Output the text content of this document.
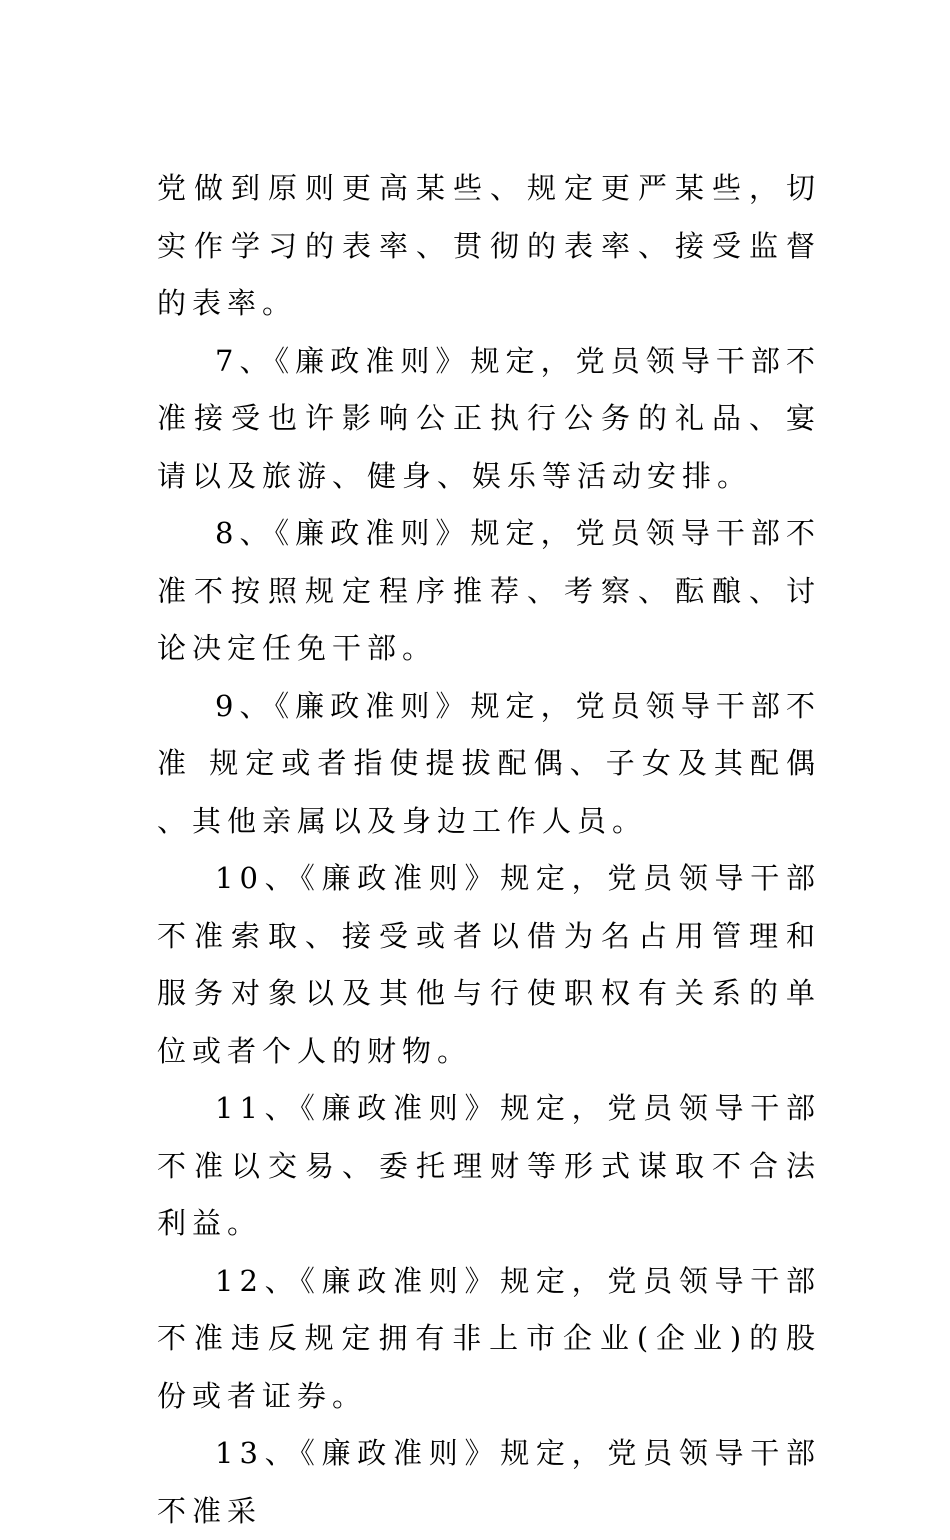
党做到原则更高某些、规定更严某些，切实作学习的表率、贯彻的表率、接受监督的表率。

7、《廉政准则》规定，党员领导干部不准接受也许影响公正执行公务的礼品、宴请以及旅游、健身、娱乐等活动安排。

8、《廉政准则》规定，党员领导干部不准不按照规定程序推荐、考察、酝酿、讨论决定任免干部。

9、《廉政准则》规定，党员领导干部不准 规定或者指使提拔配偶、子女及其配偶、其他亲属以及身边工作人员。

10、《廉政准则》规定，党员领导干部不准索取、接受或者以借为名占用管理和服务对象以及其他与行使职权有关系的单位或者个人的财物。

11、《廉政准则》规定，党员领导干部不准以交易、委托理财等形式谋取不合法利益。

12、《廉政准则》规定，党员领导干部不准违反规定拥有非上市企业(企业)的股份或者证券。

13、《廉政准则》规定，党员领导干部不准采
